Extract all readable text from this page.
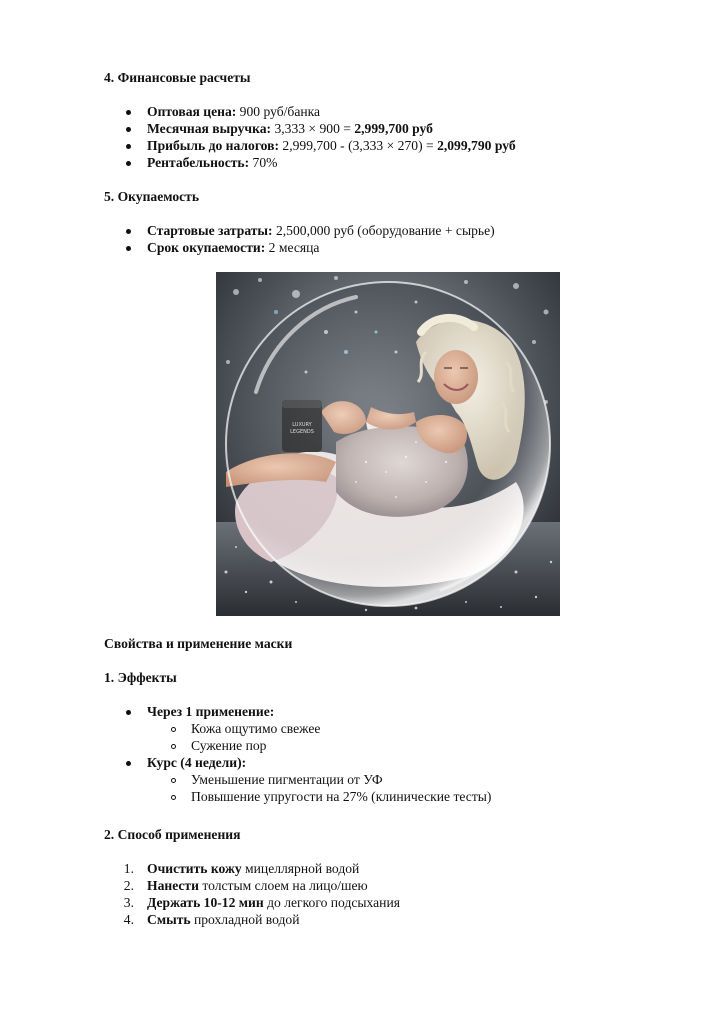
4. Финансовые расчеты
Оптовая цена: 900 руб/банка
Месячная выручка: 3,333 × 900 = 2,999,700 руб
Прибыль до налогов: 2,999,700 - (3,333 × 270) = 2,099,790 руб
Рентабельность: 70%
5. Окупаемость
Стартовые затраты: 2,500,000 руб (оборудование + сырье)
Срок окупаемости: 2 месяца
Свойства и применение маски
1. Эффекты
Через 1 применение:
Кожа ощутимо свежее
Сужение пор
Курс (4 недели):
Уменьшение пигментации от УФ
Повышение упругости на 27% (клинические тесты)
2. Способ применения
1. Очистить кожу мицеллярной водой
2. Нанести толстым слоем на лицо/шею
3. Держать 10-12 мин до легкого подсыхания
4. Смыть прохладной водой
